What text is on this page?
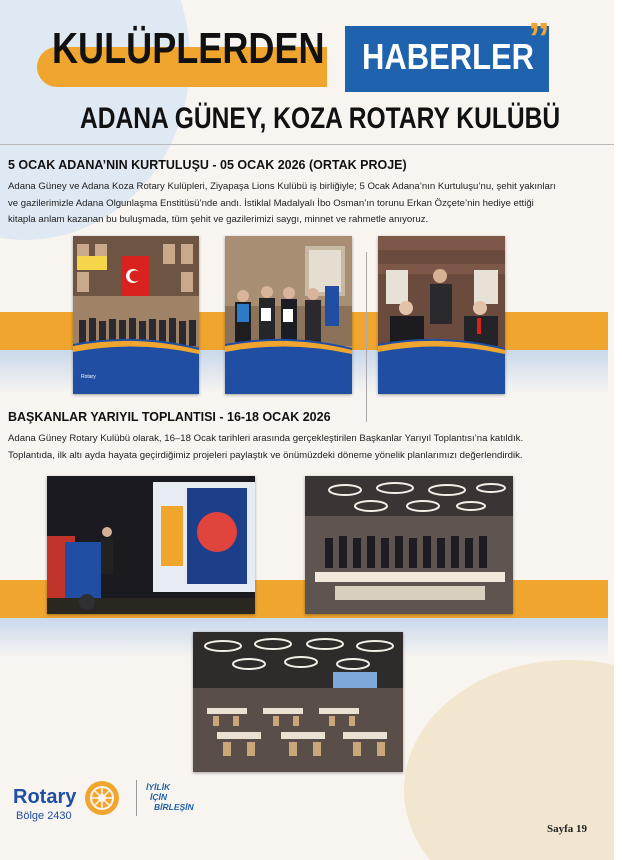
KULÜPLERDEN HABERLER
”
ADANA GÜNEY, KOZA ROTARY KULÜBÜ
5 OCAK ADANA’NIN KURTULUŞU - 05 OCAK 2026 (ORTAK PROJE)
Adana Güney ve Adana Koza Rotary Kulüpleri, Ziyapaşa Lions Kulübü iş birliğiyle; 5 Ocak Adana’nın Kurtuluşu’nu, şehit yakınları
ve gazilerimizle Adana Olgunlaşma Enstitüsü’nde andı. İstiklal Madalyalı İbo Osman’ın torunu Erkan Özçete’nin hediye ettiği
kitapla anlam kazanan bu buluşmada, tüm şehit ve gazilerimizi saygı, minnet ve rahmetle anıyoruz.
Rotary
BAŞKANLAR YARIYIL TOPLANTISI - 16-18 OCAK 2026
Adana Güney Rotary Kulübü olarak, 16–18 Ocak tarihleri arasında gerçekleştirilen Başkanlar Yarıyıl Toplantısı’na katıldık.
Toplantıda, ilk altı ayda hayata geçirdiğimiz projeleri paylaştık ve önümüzdeki döneme yönelik planlarımızı değerlendirdik.
Rotary
Bölge 2430
İYİLİK
İÇİN
BİRLEŞİN
Sayfa 19
